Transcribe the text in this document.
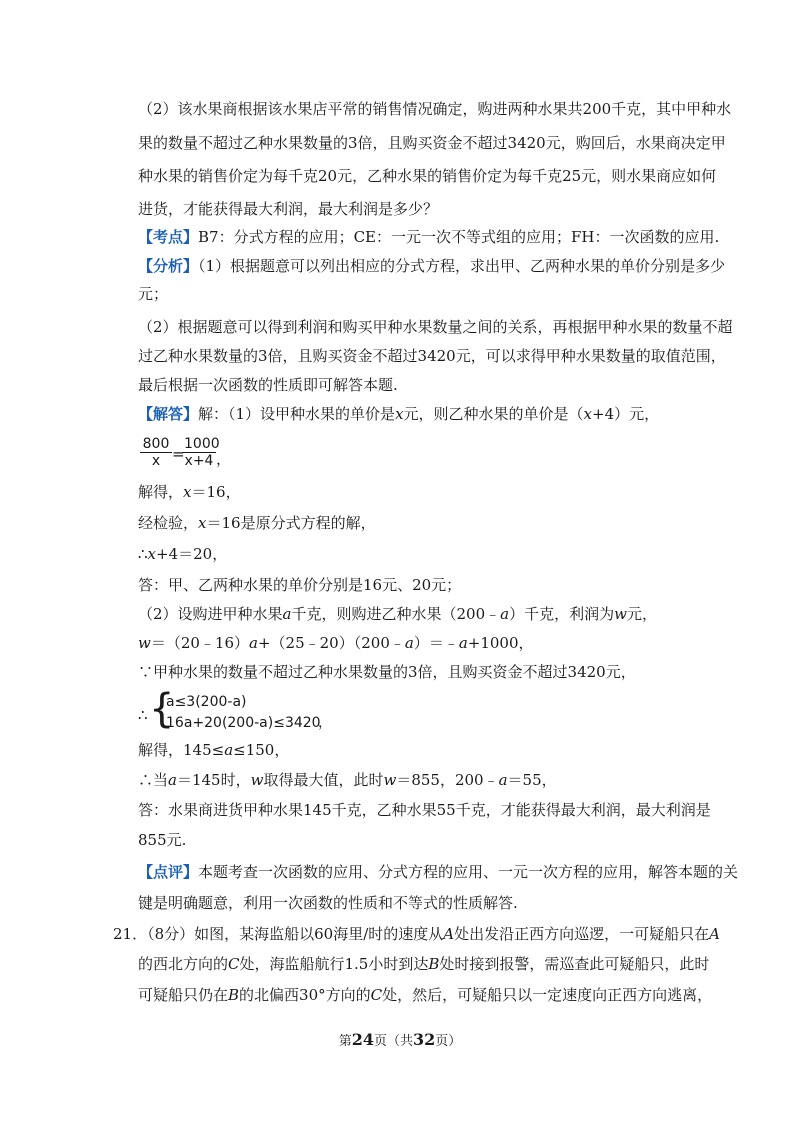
（2）该水果商根据该水果店平常的销售情况确定，购进两种水果共200千克，其中甲种水
果的数量不超过乙种水果数量的3倍，且购买资金不超过3420元，购回后，水果商决定甲
种水果的销售价定为每千克20元，乙种水果的销售价定为每千克25元，则水果商应如何
进货，才能获得最大利润，最大利润是多少？
【考点】B7：分式方程的应用；CE：一元一次不等式组的应用；FH：一次函数的应用.
【分析】（1）根据题意可以列出相应的分式方程，求出甲、乙两种水果的单价分别是多少
元；
（2）根据题意可以得到利润和购买甲种水果数量之间的关系，再根据甲种水果的数量不超
过乙种水果数量的3倍，且购买资金不超过3420元，可以求得甲种水果数量的取值范围，
最后根据一次函数的性质即可解答本题.
【解答】解：（1）设甲种水果的单价是x元，则乙种水果的单价是（x+4）元，
$\frac{800}{x}$ =
$\frac{1000}{x+4}$ ，
解得，x＝16，
经检验，x＝16是原分式方程的解，
∴x+4＝20，
答：甲、乙两种水果的单价分别是16元、20元；
（2）设购进甲种水果a千克，则购进乙种水果（200﹣a）千克，利润为w元，
w＝（20﹣16）a+（25﹣20）（200﹣a）＝﹣a+1000，
∵甲种水果的数量不超过乙种水果数量的3倍，且购买资金不超过3420元，
∴ {
a≤3(200-a)
16a+20(200-a)≤3420
，
解得，145≤a≤150，
∴当a＝145时，w取得最大值，此时w＝855，200﹣a＝55，
答：水果商进货甲种水果145千克，乙种水果55千克，才能获得最大利润，最大利润是
855元.
【点评】本题考查一次函数的应用、分式方程的应用、一元一次方程的应用，解答本题的关
键是明确题意，利用一次函数的性质和不等式的性质解答.
21．（8分）如图，某海监船以60海里/时的速度从A处出发沿正西方向巡逻，一可疑船只在A
的西北方向的C处，海监船航行1.5小时到达B处时接到报警，需巡查此可疑船只，此时
可疑船只仍在B的北偏西30°方向的C处，然后，可疑船只以一定速度向正西方向逃离，
第24页（共32页）
